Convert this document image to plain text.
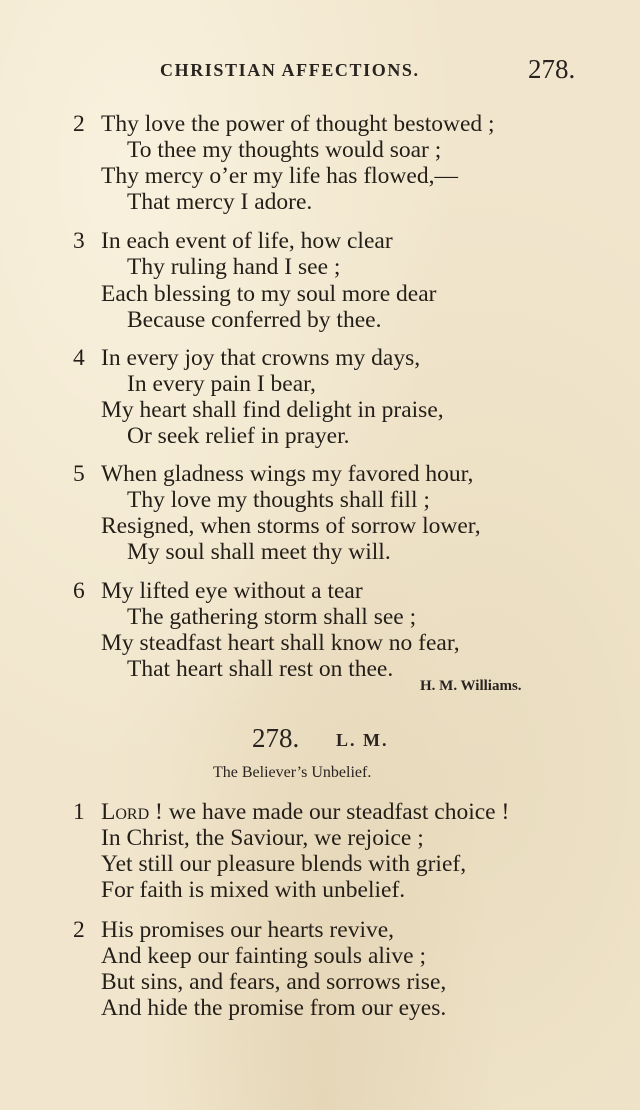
CHRISTIAN AFFECTIONS.	278.
2 Thy love the power of thought bestowed ;
To thee my thoughts would soar ;
Thy mercy o’er my life has flowed,—
That mercy I adore.
3 In each event of life, how clear
Thy ruling hand I see ;
Each blessing to my soul more dear
Because conferred by thee.
4 In every joy that crowns my days,
In every pain I bear,
My heart shall find delight in praise,
Or seek relief in prayer.
5 When gladness wings my favored hour,
Thy love my thoughts shall fill ;
Resigned, when storms of sorrow lower,
My soul shall meet thy will.
6 My lifted eye without a tear
The gathering storm shall see ;
My steadfast heart shall know no fear,
That heart shall rest on thee.
H. M. Williams.
278. L. M.
The Believer’s Unbelief.
1 Lord ! we have made our steadfast choice !
In Christ, the Saviour, we rejoice ;
Yet still our pleasure blends with grief,
For faith is mixed with unbelief.
2 His promises our hearts revive,
And keep our fainting souls alive ;
But sins, and fears, and sorrows rise,
And hide the promise from our eyes.
